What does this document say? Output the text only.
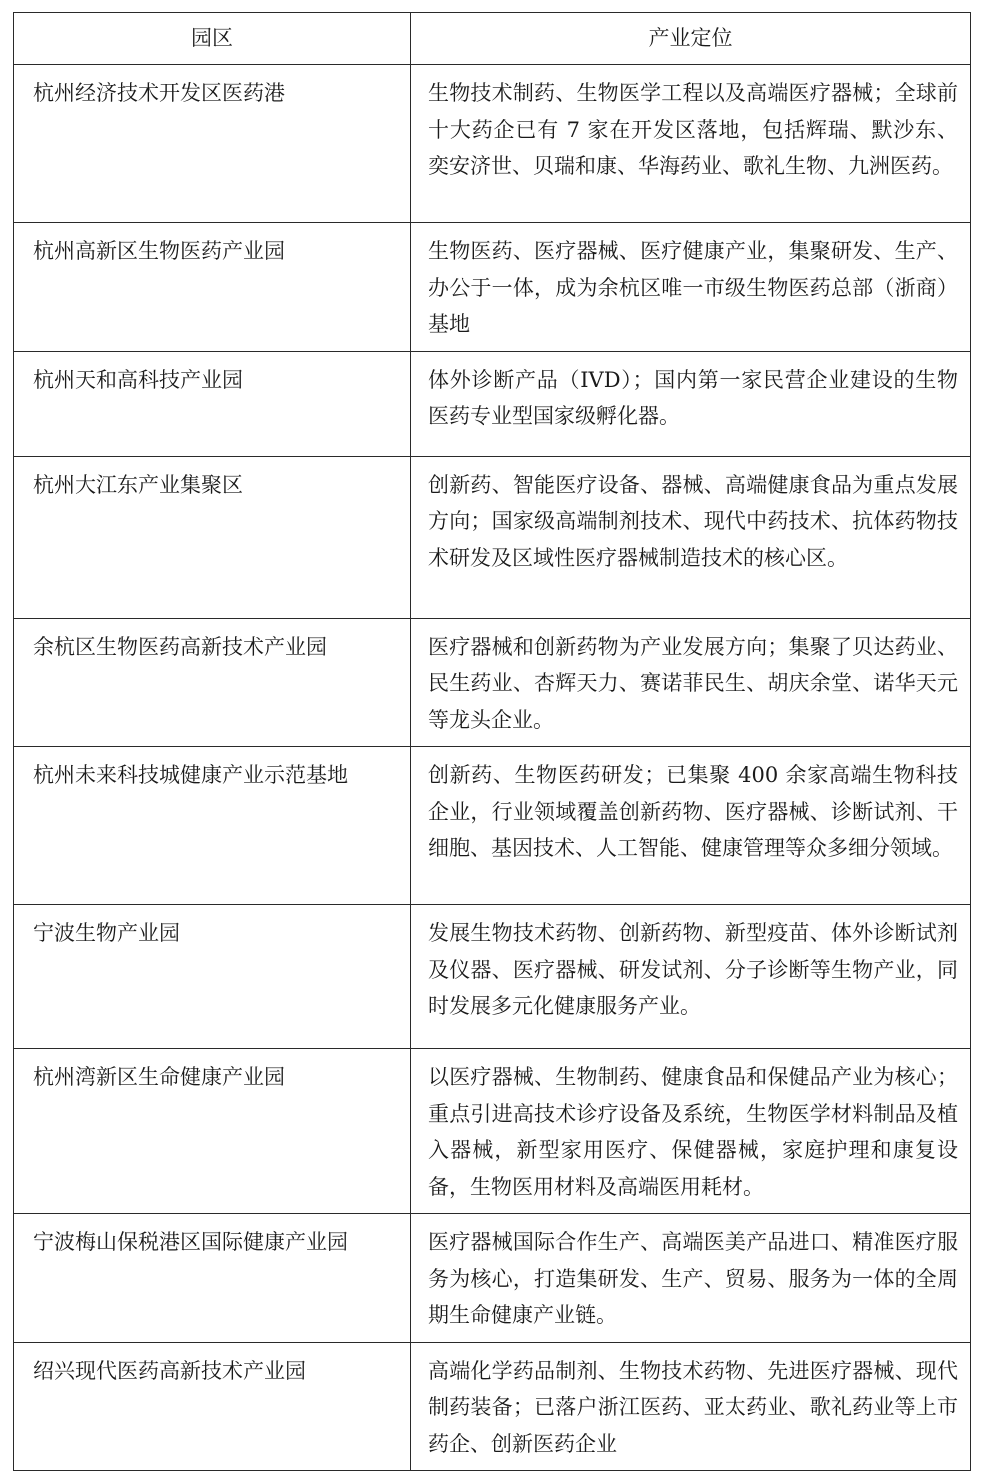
园区	产业定位
杭州经济技术开发区医药港	生物技术制药、生物医学工程以及高端医疗器械；全球前十大药企已有 7 家在开发区落地，包括辉瑞、默沙东、奕安济世、贝瑞和康、华海药业、歌礼生物、九洲医药。
杭州高新区生物医药产业园	生物医药、医疗器械、医疗健康产业，集聚研发、生产、办公于一体，成为余杭区唯一市级生物医药总部（浙商）基地
杭州天和高科技产业园	体外诊断产品（IVD）；国内第一家民营企业建设的生物医药专业型国家级孵化器。
杭州大江东产业集聚区	创新药、智能医疗设备、器械、高端健康食品为重点发展方向；国家级高端制剂技术、现代中药技术、抗体药物技术研发及区域性医疗器械制造技术的核心区。
余杭区生物医药高新技术产业园	医疗器械和创新药物为产业发展方向；集聚了贝达药业、民生药业、杏辉天力、赛诺菲民生、胡庆余堂、诺华天元等龙头企业。
杭州未来科技城健康产业示范基地	创新药、生物医药研发；已集聚 400 余家高端生物科技企业，行业领域覆盖创新药物、医疗器械、诊断试剂、干细胞、基因技术、人工智能、健康管理等众多细分领域。
宁波生物产业园	发展生物技术药物、创新药物、新型疫苗、体外诊断试剂及仪器、医疗器械、研发试剂、分子诊断等生物产业，同时发展多元化健康服务产业。
杭州湾新区生命健康产业园	以医疗器械、生物制药、健康食品和保健品产业为核心；重点引进高技术诊疗设备及系统，生物医学材料制品及植入器械，新型家用医疗、保健器械，家庭护理和康复设备，生物医用材料及高端医用耗材。
宁波梅山保税港区国际健康产业园	医疗器械国际合作生产、高端医美产品进口、精准医疗服务为核心，打造集研发、生产、贸易、服务为一体的全周期生命健康产业链。
绍兴现代医药高新技术产业园	高端化学药品制剂、生物技术药物、先进医疗器械、现代制药装备；已落户浙江医药、亚太药业、歌礼药业等上市药企、创新医药企业
